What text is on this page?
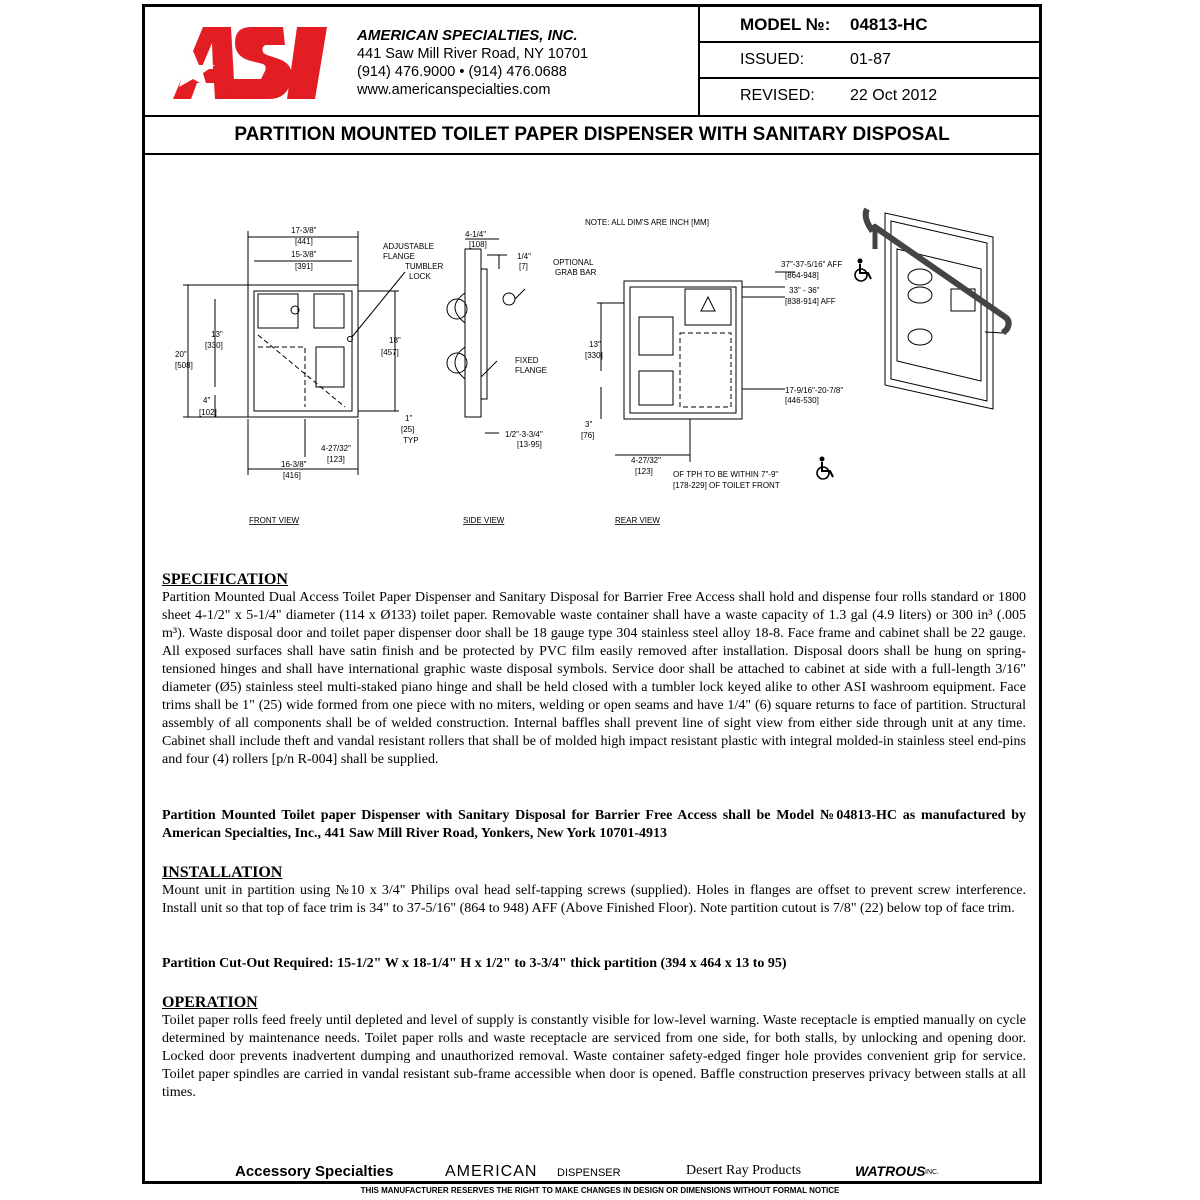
ASI
AMERICAN SPECIALTIES, INC.
441 Saw Mill River Road, NY 10701
(914) 476.9000 • (914) 476.0688
www.americanspecialties.com
MODEL №: 04813-HC
ISSUED:	01-87
REVISED: 22 Oct 2012
PARTITION MOUNTED TOILET PAPER DISPENSER WITH SANITARY DISPOSAL
NOTE: ALL DIM'S ARE INCH [MM]
17-3/8"
[441]
15-3/8"
[391]
20"
[508]
13"
[330]
4"
[102]
18"
[457]
1"
[25]
TYP
4-27/32"
[123]
16-3/8"
[416]
TUMBLER
LOCK
FRONT VIEW
4-1/4"
[108]
ADJUSTABLE
FLANGE	1/4"
[7]
FIXED
FLANGE
1/2"-3-3/4"
[13-95]
OPTIONAL
GRAB BAR
SIDE VIEW
13"
[330]
3"
[76]
4-27/32"
[123]
37"-37-5/16" AFF
[864-948]
33" - 36"
[838-914] AFF
17-9/16"-20-7/8"
[446-530]
OF TPH TO BE WITHIN 7"-9"
[178-229] OF TOILET FRONT
REAR VIEW
SPECIFICATION
Partition Mounted Dual Access Toilet Paper Dispenser and Sanitary Disposal for Barrier Free Access shall hold and dispense four rolls standard or 1800 sheet 4-1/2" x 5-1/4" diameter (114 x Ø133) toilet paper. Removable waste container shall have a waste capacity of 1.3 gal (4.9 liters) or 300 in³ (.005 m³). Waste disposal door and toilet paper dispenser door shall be 18 gauge type 304 stainless steel alloy 18-8. Face frame and cabinet shall be 22 gauge. All exposed surfaces shall have satin finish and be protected by PVC film easily removed after installation. Disposal doors shall be hung on spring-tensioned hinges and shall have international graphic waste disposal symbols. Service door shall be attached to cabinet at side with a full-length 3/16" diameter (Ø5) stainless steel multi-staked piano hinge and shall be held closed with a tumbler lock keyed alike to other ASI washroom equipment. Face trims shall be 1" (25) wide formed from one piece with no miters, welding or open seams and have 1/4" (6) square returns to face of partition. Structural assembly of all components shall be of welded construction. Internal baffles shall prevent line of sight view from either side through unit at any time. Cabinet shall include theft and vandal resistant rollers that shall be of molded high impact resistant plastic with integral molded-in stainless steel end-pins and four (4) rollers [p/n R-004] shall be supplied.
Partition Mounted Toilet paper Dispenser with Sanitary Disposal for Barrier Free Access shall be Model №04813-HC as manufactured by American Specialties, Inc., 441 Saw Mill River Road, Yonkers, New York 10701-4913
INSTALLATION
Mount unit in partition using №10 x 3/4" Philips oval head self-tapping screws (supplied). Holes in flanges are offset to prevent screw interference. Install unit so that top of face trim is 34" to 37-5/16" (864 to 948) AFF (Above Finished Floor). Note partition cutout is 7/8" (22) below top of face trim.
Partition Cut-Out Required: 15-1/2" W x 18-1/4" H x 1/2" to 3-3/4" thick partition (394 x 464 x 13 to 95)
OPERATION
Toilet paper rolls feed freely until depleted and level of supply is constantly visible for low-level warning. Waste receptacle is emptied manually on cycle determined by maintenance needs. Toilet paper rolls and waste receptacle are serviced from one side, for both stalls, by unlocking and opening door. Locked door prevents inadvertent dumping and unauthorized removal. Waste container safety-edged finger hole provides convenient grip for service. Toilet paper spindles are carried in vandal resistant sub-frame accessible when door is opened. Baffle construction preserves privacy between stalls at all times.
Accessory Specialties	AMERICAN DISPENSER	Desert Ray Products	WATROUS INC.
THIS MANUFACTURER RESERVES THE RIGHT TO MAKE CHANGES IN DESIGN OR DIMENSIONS WITHOUT FORMAL NOTICE
